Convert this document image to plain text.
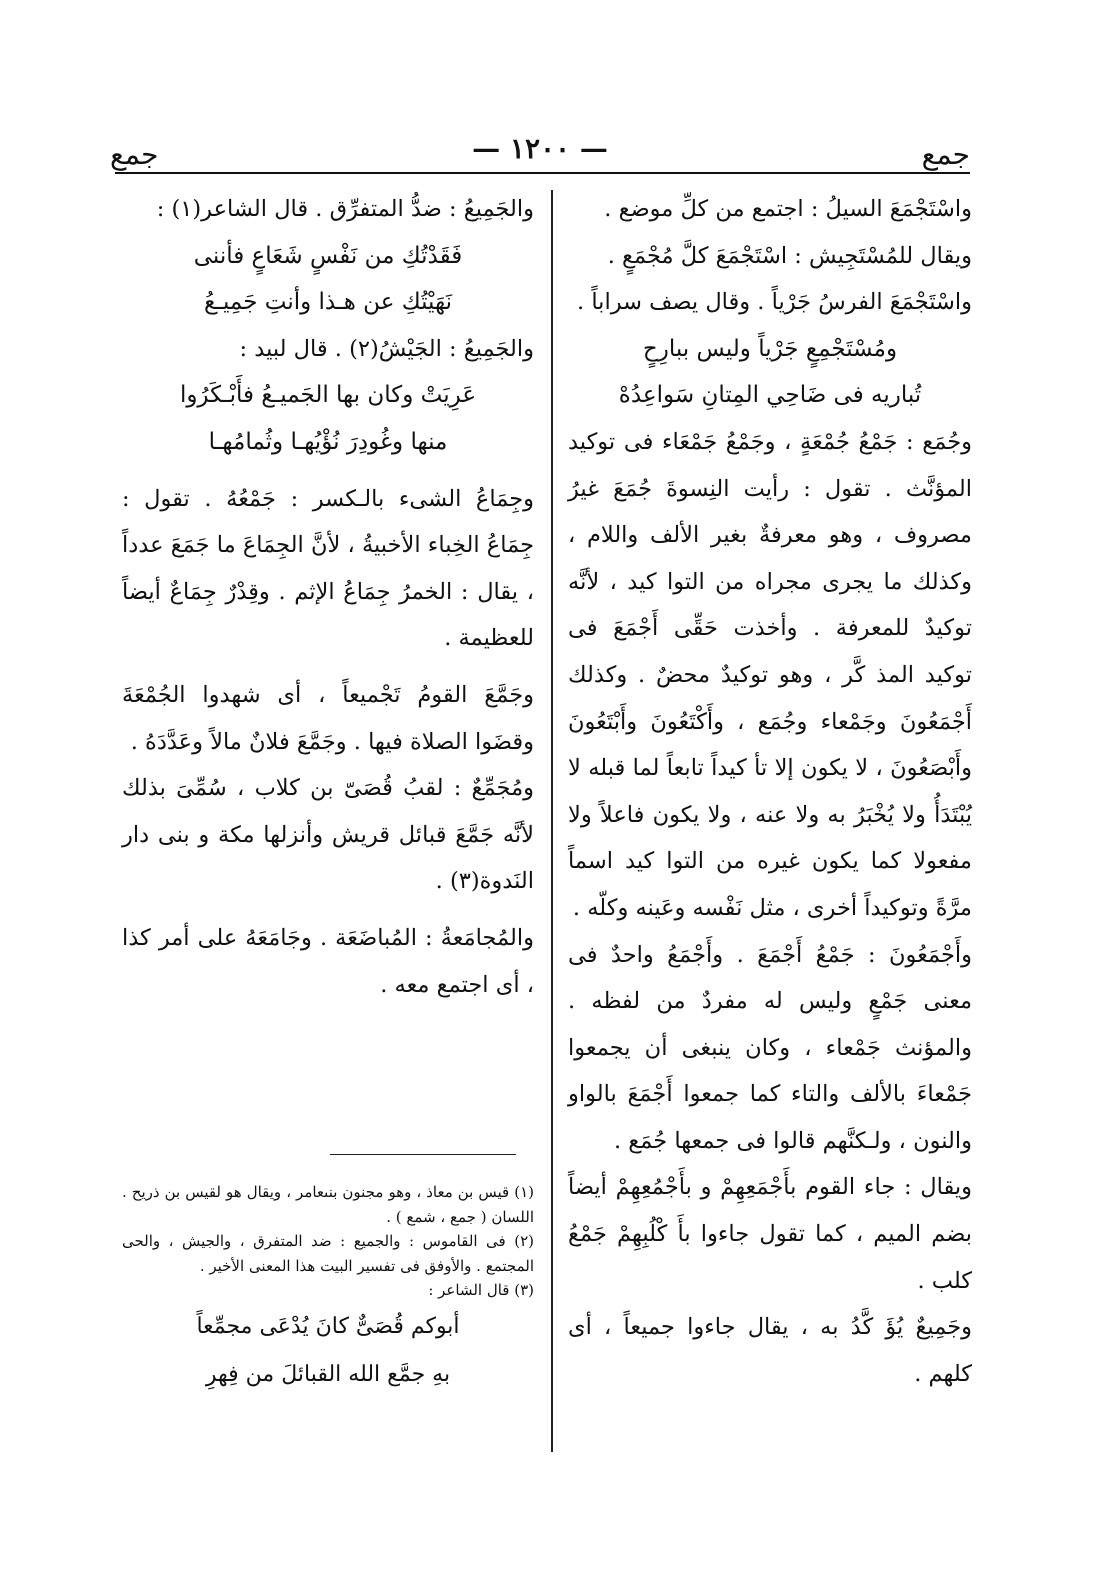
جمع
— ١٢٠٠ —
جمع

واسْتَجْمَعَ السيلُ : اجتمع من كلِّ موضع .

ويقال للمُسْتَجِيش : اسْتَجْمَعَ كلَّ مُجْمَعٍ .

واسْتَجْمَعَ الفرسُ جَرْياً . وقال يصف سراباً .

ومُسْتَجْمِعٍ جَرْياً وليس ببارِحٍ

تُباريه فى ضَاحِي المِتانِ سَواعِدُهْ

وجُمَع : جَمْعُ جُمْعَةٍ ، وجَمْعُ جَمْعَاء فى توكيد المؤنَّث . تقول : رأيت النِسوةَ جُمَعَ غيرُ مصروف ، وهو معرفةٌ بغير الألف واللام ، وكذلك ما يجرى مجراه من التوا كيد ، لأنَّه توكيدٌ للمعرفة . وأخذت حَقِّى أَجْمَعَ فى توكيد المذ كَّر ، وهو توكيدٌ محضٌ . وكذلك أَجْمَعُونَ وجَمْعاء وجُمَع ، وأَكْتَعُونَ وأَبْتَعُونَ وأَبْصَعُونَ ، لا يكون إلا تأ كيداً تابعاً لما قبله لا يُبْتَدَأُ ولا يُخْبَرُ به ولا عنه ، ولا يكون فاعلاً ولا مفعولا كما يكون غيره من التوا كيد اسماً مرَّةً وتوكيداً أخرى ، مثل نَفْسه وعَينه وكلّه .

وأَجْمَعُونَ : جَمْعُ أَجْمَعَ . وأَجْمَعُ واحدٌ فى معنى جَمْعٍ وليس له مفردٌ من لفظه . والمؤنث جَمْعاء ، وكان ينبغى أن يجمعوا جَمْعاءَ بالألف والتاء كما جمعوا أَجْمَعَ بالواو والنون ، ولـكنَّهم قالوا فى جمعها جُمَع .

ويقال : جاء القوم بأَجْمَعِهِمْ و بأَجْمُعِهِمْ أيضاً بضم الميم ، كما تقول جاءوا بأَ كْلُبِهِمْ جَمْعُ كلب .

وجَمِيعٌ يُؤَ كَّدُ به ، يقال جاءوا جميعاً ، أى كلهم .

والجَمِيعُ : ضدُّ المتفرِّق . قال الشاعر(١) :

فَقَدْتُكِ من نَفْسٍ شَعَاعٍ فأننى

نَهَيْتُكِ عن هـذا وأنتِ جَمِيـعُ

والجَمِيعُ : الجَيْشُ(٢) . قال لبيد :

عَرِيَتْ وكان بها الجَميـعُ فأَبْـكَرُوا

منها وغُودِرَ نُؤْيُهـا وثُمامُهـا

وجِمَاعُ الشىء بالـكسر : جَمْعُهُ . تقول : جِمَاعُ الخِباء الأخبيةُ ، لأنَّ الجِمَاعَ ما جَمَعَ عدداً ، يقال : الخمرُ جِمَاعُ الإثم . وقِدْرٌ جِمَاعٌ أيضاً للعظيمة .

وجَمَّعَ القومُ تَجْميعاً ، أى شهدوا الجُمْعَةَ وقضَوا الصلاة فيها . وجَمَّعَ فلانٌ مالاً وعَدَّدَهُ .

ومُجَمِّعٌ : لقبُ قُصَىّ بن كلاب ، سُمِّىَ بذلك لأنَّه جَمَّعَ قبائل قريش وأنزلها مكة و بنى دار النَدوة(٣) .

والمُجامَعةُ : المُباضَعَة . وجَامَعَهُ على أمر كذا ، أى اجتمع معه .

(١) قيس بن معاذ ، وهو مجنون بنىعامر ، ويقال هو لقيس بن ذريح . اللسان ( جمع ، شمع ) .

(٢) فى القاموس : والجميع : ضد المتفرق ، والجيش ، والحى المجتمع . والأوفق فى تفسير البيت هذا المعنى الأخير .

(٣) قال الشاعر :

أبوكم قُصَىٌّ كانَ يُدْعَى مجمِّعاً

بهِ جمَّع الله القبائلَ من فِهرِ
